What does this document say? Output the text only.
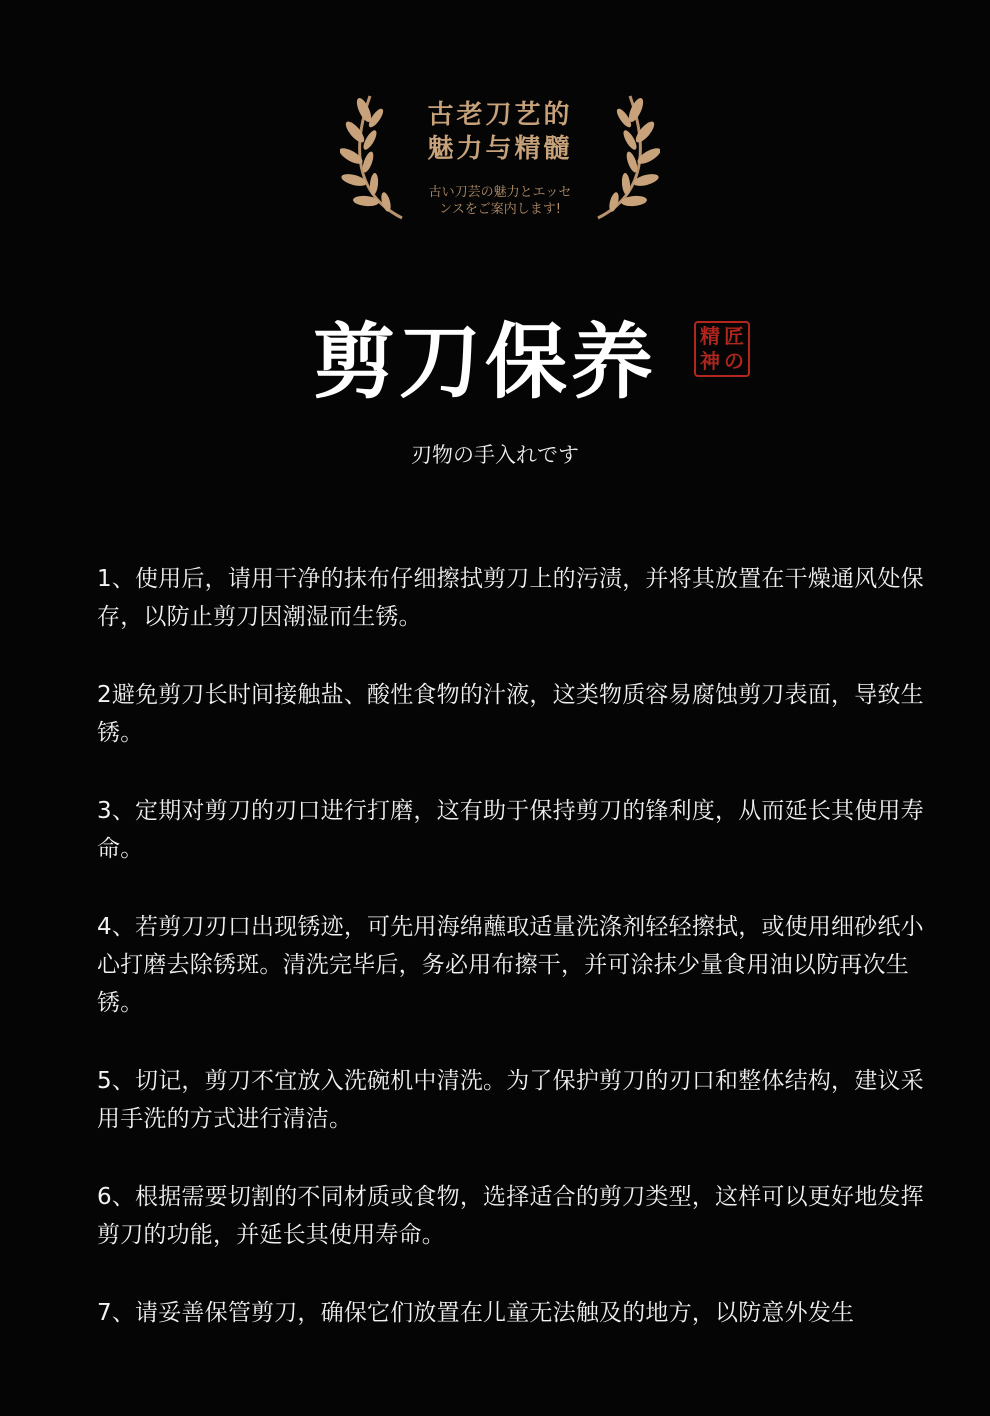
古老刀艺的
魅力与精髓
古い刀芸の魅力とエッセ
ンスをご案内します!
剪刀保养	匠
の
精
神
刃物の手入れです

1、使用后，请用干净的抹布仔细擦拭剪刀上的污渍，并将其放置在干燥通风处保存，以防止剪刀因潮湿而生锈。

2避免剪刀长时间接触盐、酸性食物的汁液，这类物质容易腐蚀剪刀表面，导致生锈。

3、定期对剪刀的刃口进行打磨，这有助于保持剪刀的锋利度，从而延长其使用寿命。

4、若剪刀刃口出现锈迹，可先用海绵蘸取适量洗涤剂轻轻擦拭，或使用细砂纸小心打磨去除锈斑。清洗完毕后，务必用布擦干，并可涂抹少量食用油以防再次生锈。

5、切记，剪刀不宜放入洗碗机中清洗。为了保护剪刀的刃口和整体结构，建议采用手洗的方式进行清洁。

6、根据需要切割的不同材质或食物，选择适合的剪刀类型，这样可以更好地发挥剪刀的功能，并延长其使用寿命。

7、请妥善保管剪刀，确保它们放置在儿童无法触及的地方，以防意外发生
